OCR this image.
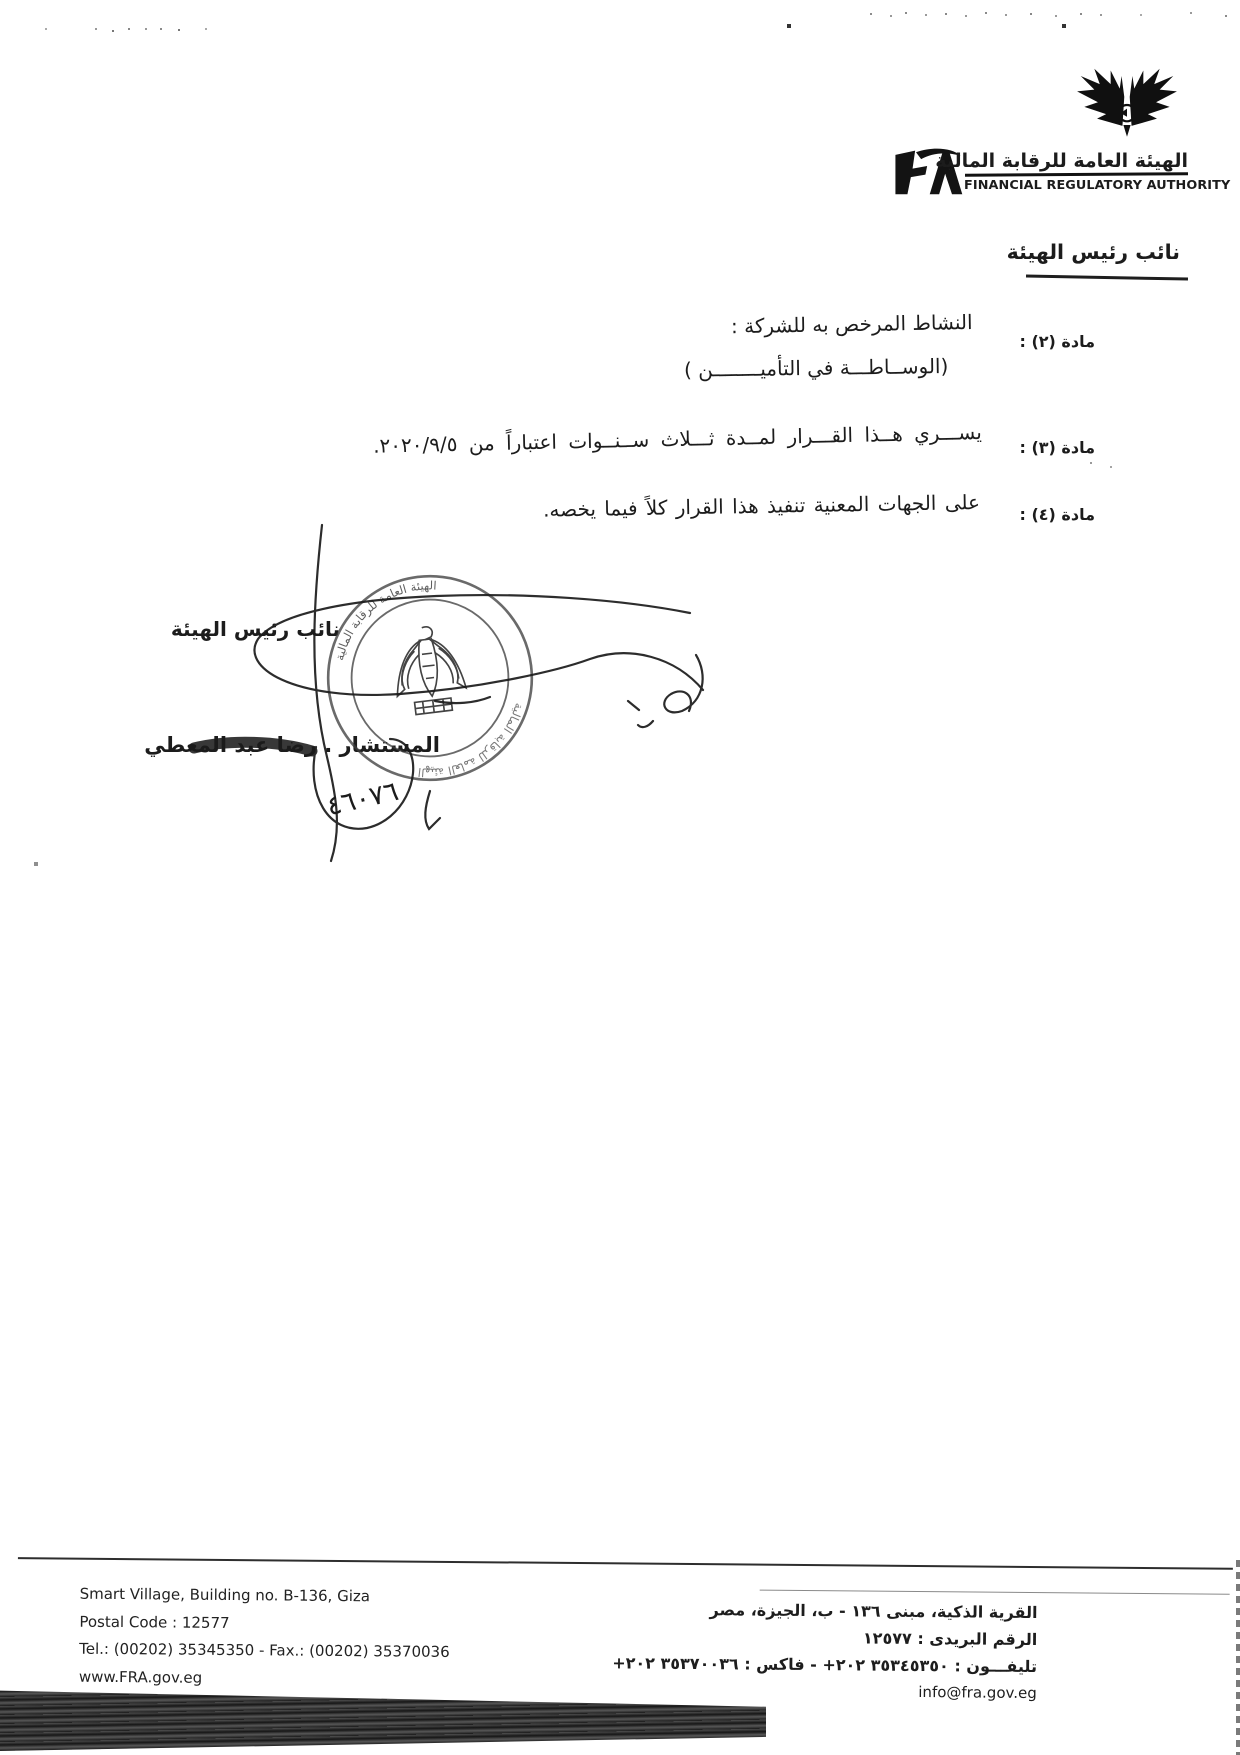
الهيئة العامة للرقابة المالية
FINANCIAL REGULATORY AUTHORITY
نائب رئيس الهيئة
مادة (٢) :
النشاط المرخص به للشركة :
(الوســاطـــة في التأميــــــــن )
مادة (٣) :
يســـري هــذا القـــرار لمــدة ثـــلاث ســنــوات اعتباراً من ٢٠٢٠/٩/٥.
مادة (٤) :
على الجهات المعنية تنفيذ هذا القرار كلاً فيما يخصه.
نائب رئيس الهيئة
المستشار . رضا عبد المعطي
الهيئة العامة للرقابة المالية
الهيئة العامة للرقابة المالية
٤٦٠٧٦
Smart Village, Building no. B-136, Giza
Postal Code : 12577
Tel.: (00202) 35345350 - Fax.: (00202) 35370036
www.FRA.gov.eg
القرية الذكية، مبنى ١٣٦ - ب، الجيزة، مصر
الرقم البريدى : ١٢٥٧٧
تليفـــون : ٣٥٣٤٥٣٥٠ ٢٠٢+ - فاكس : ٣٥٣٧٠٠٣٦ ٢٠٢+
info@fra.gov.eg
